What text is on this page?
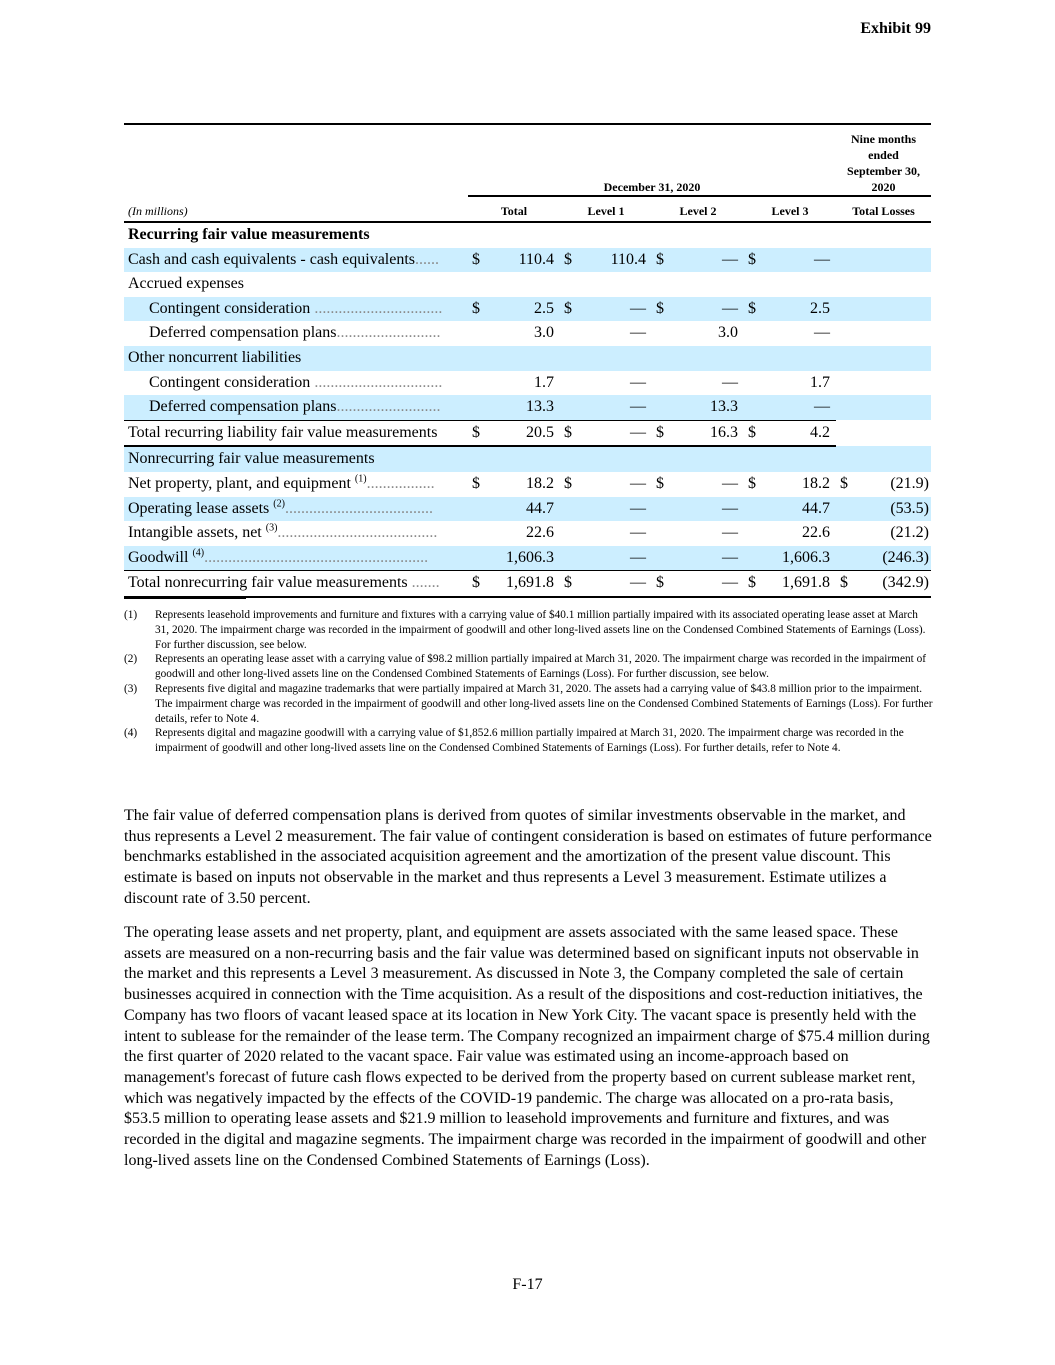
Exhibit 99

	December 31, 2020								Nine months
ended
September 30,
2020	
(In millions)	Total		Level 1		Level 2		Level 3		Total Losses	
Recurring fair value measurements										
Cash and cash equivalents - cash equivalents......	$	110.4	$	110.4	$	—	$	—		
Accrued expenses										
Contingent consideration ................................	$	2.5	$	—	$	—	$	2.5		
Deferred compensation plans..........................		3.0		—		3.0		—		
Other noncurrent liabilities										
Contingent consideration ................................		1.7		—		—		1.7		
Deferred compensation plans..........................		13.3		—		13.3		—		
Total recurring liability fair value measurements	$	20.5	$	—	$	16.3	$	4.2		
Nonrecurring fair value measurements										
Net property, plant, and equipment $^{(1)}$.................	$	18.2	$	—	$	—	$	18.2	$	(21.9)
Operating lease assets $^{(2)}$.....................................		44.7		—		—		44.7		(53.5)
Intangible assets, net $^{(3)}$........................................		22.6		—		—		22.6		(21.2)
Goodwill $^{(4)}$........................................................		1,606.3		—		—		1,606.3		(246.3)
Total nonrecurring fair value measurements .......	$	1,691.8	$	—	$	—	$	1,691.8	$	(342.9)
(1)	Represents leasehold improvements and furniture and fixtures with a carrying value of $40.1 million partially impaired with its associated operating lease asset at March 31, 2020. The impairment charge was recorded in the impairment of goodwill and other long-lived assets line on the Condensed Combined Statements of Earnings (Loss). For further discussion, see below.
(2)	Represents an operating lease asset with a carrying value of $98.2 million partially impaired at March 31, 2020. The impairment charge was recorded in the impairment of goodwill and other long-lived assets line on the Condensed Combined Statements of Earnings (Loss). For further discussion, see below.
(3)	Represents five digital and magazine trademarks that were partially impaired at March 31, 2020. The assets had a carrying value of $43.8 million prior to the impairment. The impairment charge was recorded in the impairment of goodwill and other long-lived assets line on the Condensed Combined Statements of Earnings (Loss). For further details, refer to Note 4.
(4)	Represents digital and magazine goodwill with a carrying value of $1,852.6 million partially impaired at March 31, 2020. The impairment charge was recorded in the impairment of goodwill and other long-lived assets line on the Condensed Combined Statements of Earnings (Loss). For further details, refer to Note 4.

The fair value of deferred compensation plans is derived from quotes of similar investments observable in the market, and thus represents a Level 2 measurement. The fair value of contingent consideration is based on estimates of future performance benchmarks established in the associated acquisition agreement and the amortization of the present value discount. This estimate is based on inputs not observable in the market and thus represents a Level 3 measurement. Estimate utilizes a discount rate of 3.50 percent.

The operating lease assets and net property, plant, and equipment are assets associated with the same leased space. These assets are measured on a non-recurring basis and the fair value was determined based on significant inputs not observable in the market and this represents a Level 3 measurement. As discussed in Note 3, the Company completed the sale of certain businesses acquired in connection with the Time acquisition. As a result of the dispositions and cost-reduction initiatives, the Company has two floors of vacant leased space at its location in New York City. The vacant space is presently held with the intent to sublease for the remainder of the lease term. The Company recognized an impairment charge of $75.4 million during the first quarter of 2020 related to the vacant space. Fair value was estimated using an income-approach based on management's forecast of future cash flows expected to be derived from the property based on current sublease market rent, which was negatively impacted by the effects of the COVID-19 pandemic. The charge was allocated on a pro-rata basis, $53.5 million to operating lease assets and $21.9 million to leasehold improvements and furniture and fixtures, and was recorded in the digital and magazine segments. The impairment charge was recorded in the impairment of goodwill and other long-lived assets line on the Condensed Combined Statements of Earnings (Loss).

F-17
